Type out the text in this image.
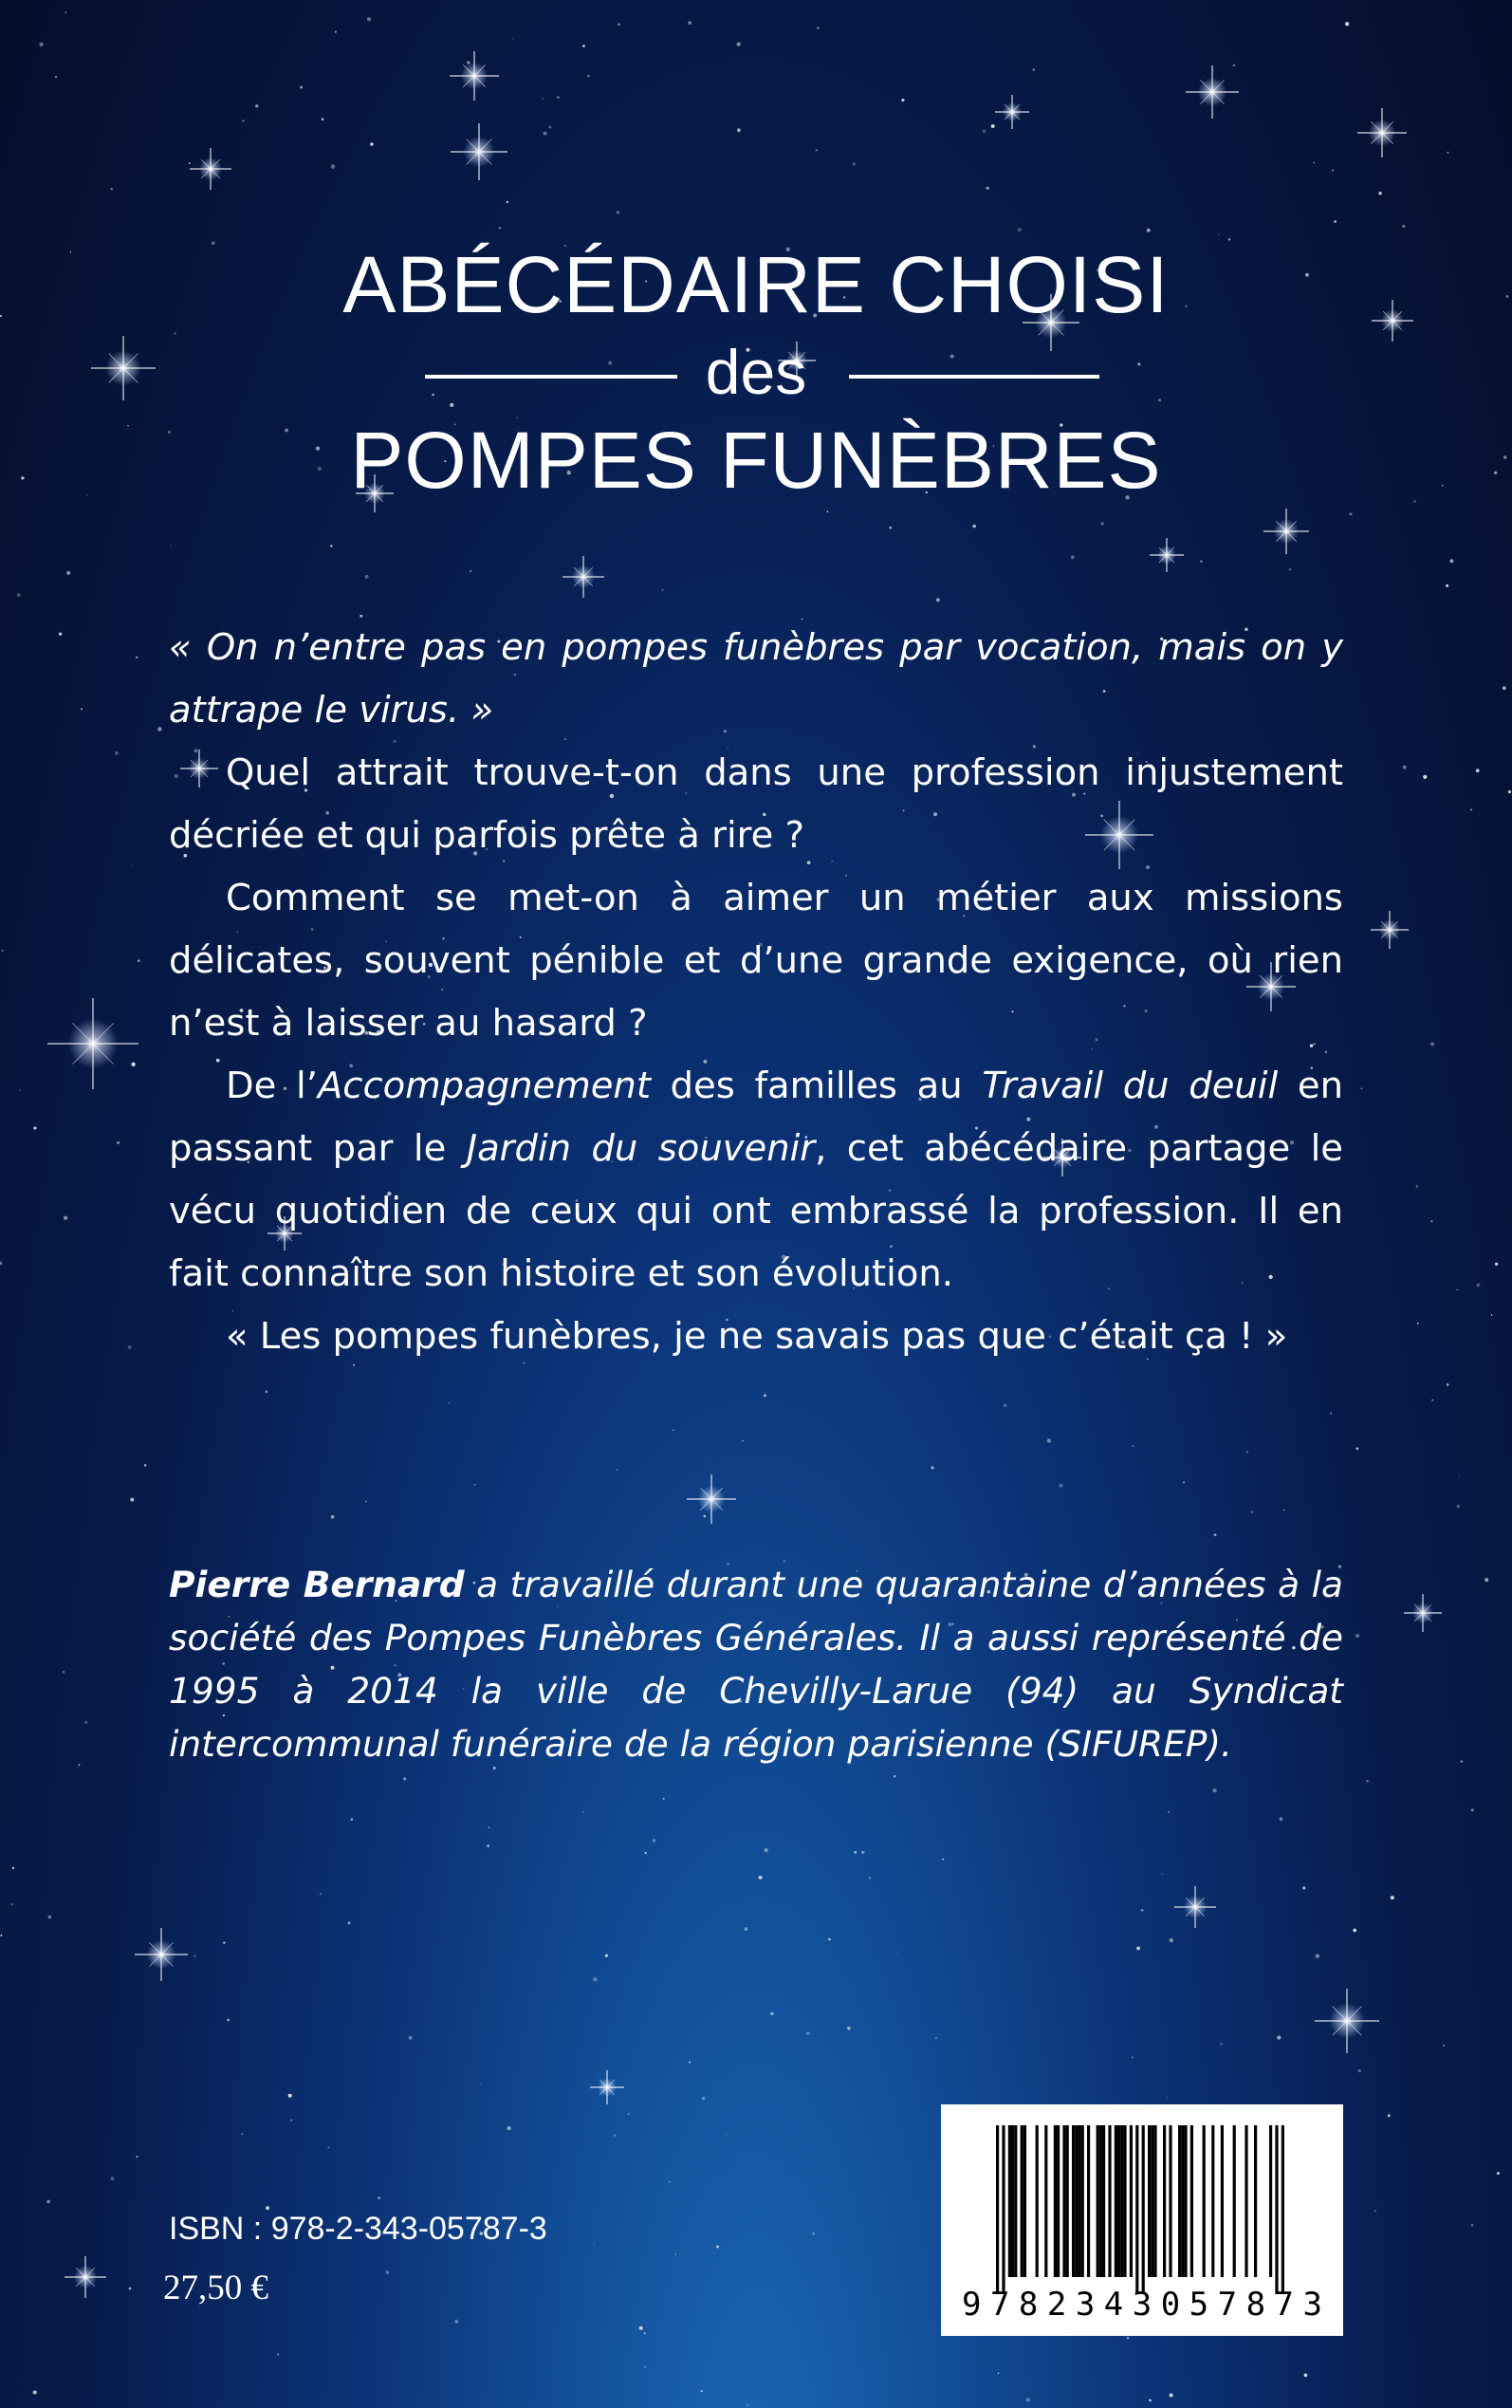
ABÉCÉDAIRE CHOISI
des
POMPES FUNÈBRES

« On n’entre pas en pompes funèbres par vocation, mais on y attrape le virus. »

Quel attrait trouve-t-on dans une profession injustement décriée et qui parfois prête à rire ?

Comment se met-on à aimer un métier aux missions délicates, souvent pénible et d’une grande exigence, où rien n’est à laisser au hasard ?

De l’Accompagnement des familles au Travail du deuil en passant par le Jardin du souvenir, cet abécédaire partage le vécu quotidien de ceux qui ont embrassé la profession. Il en fait connaître son histoire et son évolution.

« Les pompes funèbres, je ne savais pas que c’était ça ! »

Pierre Bernard a travaillé durant une quarantaine d’années à la société des Pompes Funèbres Générales. Il a aussi représenté de 1995 à 2014 la ville de Chevilly-Larue (94) au Syndicat intercommunal funéraire de la région parisienne (SIFUREP).
ISBN : 978-2-343-05787-3
27,50 €	9782343057873
